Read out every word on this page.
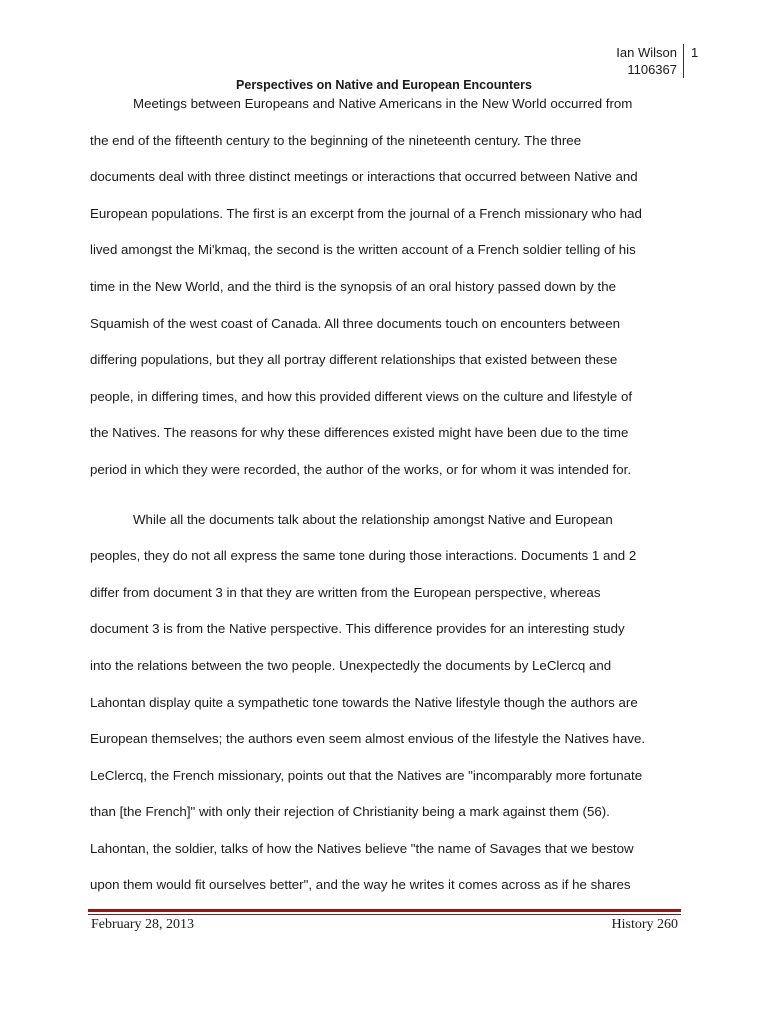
Ian Wilson
1106367
1
Perspectives on Native and European Encounters
Meetings between Europeans and Native Americans in the New World occurred from
the end of the fifteenth century to the beginning of the nineteenth century. The three
documents deal with three distinct meetings or interactions that occurred between Native and
European populations. The first is an excerpt from the journal of a French missionary who had
lived amongst the Mi'kmaq, the second is the written account of a French soldier telling of his
time in the New World, and the third is the synopsis of an oral history passed down by the
Squamish of the west coast of Canada. All three documents touch on encounters between
differing populations, but they all portray different relationships that existed between these
people, in differing times, and how this provided different views on the culture and lifestyle of
the Natives. The reasons for why these differences existed might have been due to the time
period in which they were recorded, the author of the works, or for whom it was intended for.
While all the documents talk about the relationship amongst Native and European
peoples, they do not all express the same tone during those interactions. Documents 1 and 2
differ from document 3 in that they are written from the European perspective, whereas
document 3 is from the Native perspective. This difference provides for an interesting study
into the relations between the two people. Unexpectedly the documents by LeClercq and
Lahontan display quite a sympathetic tone towards the Native lifestyle though the authors are
European themselves; the authors even seem almost envious of the lifestyle the Natives have.
LeClercq, the French missionary, points out that the Natives are "incomparably more fortunate
than [the French]" with only their rejection of Christianity being a mark against them (56).
Lahontan, the soldier, talks of how the Natives believe "the name of Savages that we bestow
upon them would fit ourselves better", and the way he writes it comes across as if he shares
February 28, 2013	History 260
